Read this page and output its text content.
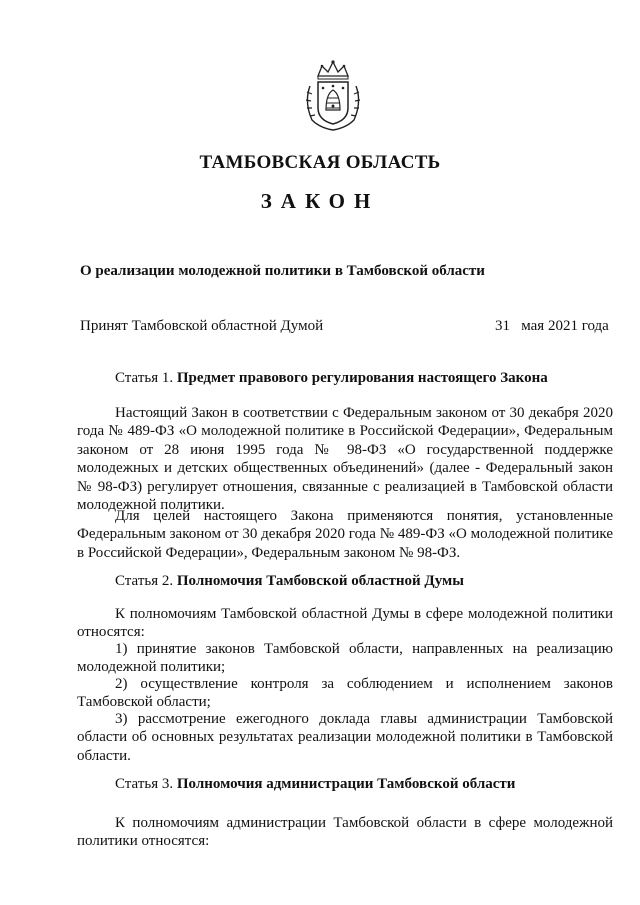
ТАМБОВСКАЯ ОБЛАСТЬ
ЗАКОН
О реализации молодежной политики в Тамбовской области
Принят Тамбовской областной Думой	31   мая 2021 года
Статья 1. Предмет правового регулирования настоящего Закона

Настоящий Закон в соответствии с Федеральным законом от 30 декабря 2020 года № 489-ФЗ «О молодежной политике в Российской Федерации», Федеральным законом от 28 июня 1995 года № 98-ФЗ «О государственной поддержке молодежных и детских общественных объединений» (далее - Федеральный закон № 98-ФЗ) регулирует отношения, связанные с реализацией в Тамбовской области молодежной политики.

Для целей настоящего Закона применяются понятия, установленные Федеральным законом от 30 декабря 2020 года № 489-ФЗ «О молодежной политике в Российской Федерации», Федеральным законом № 98-ФЗ.

Статья 2. Полномочия Тамбовской областной Думы

К полномочиям Тамбовской областной Думы в сфере молодежной политики относятся:

1) принятие законов Тамбовской области, направленных на реализацию молодежной политики;

2) осуществление контроля за соблюдением и исполнением законов Тамбовской области;

3) рассмотрение ежегодного доклада главы администрации Тамбовской области об основных результатах реализации молодежной политики в Тамбовской области.

Статья 3. Полномочия администрации Тамбовской области

К полномочиям администрации Тамбовской области в сфере молодежной политики относятся:
